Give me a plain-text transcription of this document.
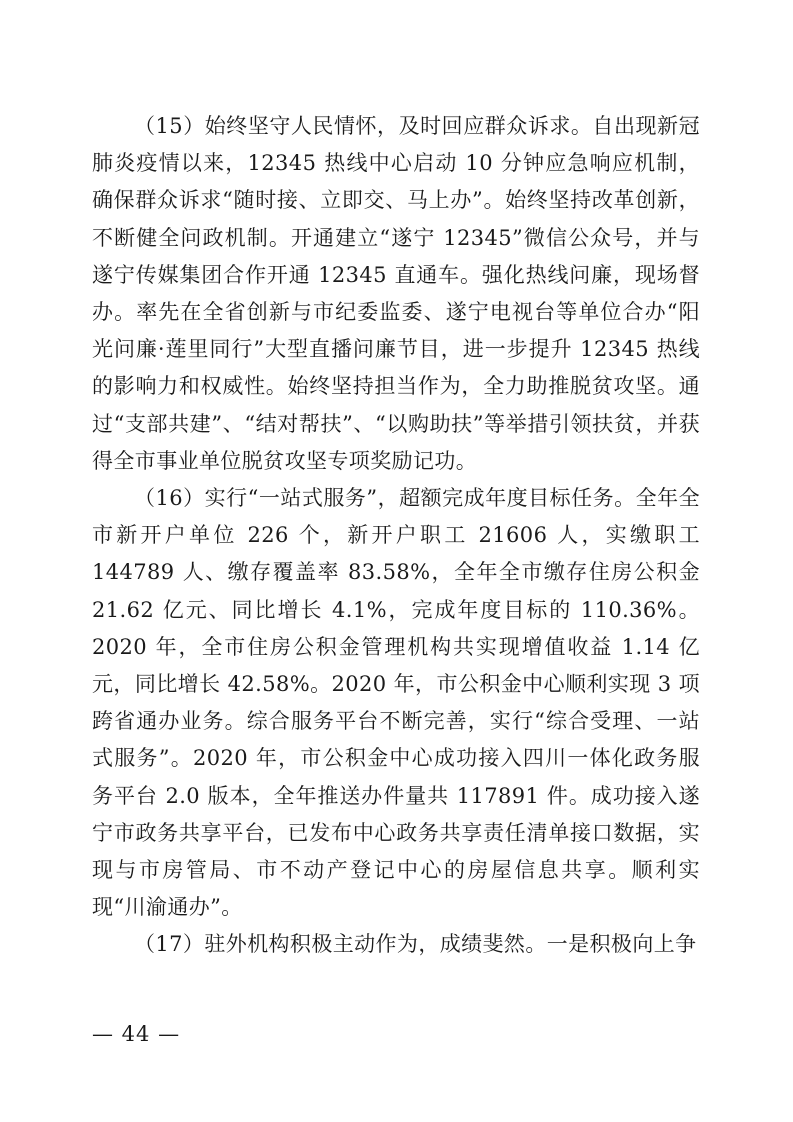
（15）始终坚守人民情怀，及时回应群众诉求。自出现新冠肺炎疫情以来，12345 热线中心启动 10 分钟应急响应机制，确保群众诉求“随时接、立即交、马上办”。始终坚持改革创新，不断健全问政机制。开通建立“遂宁 12345”微信公众号，并与遂宁传媒集团合作开通 12345 直通车。强化热线问廉，现场督办。率先在全省创新与市纪委监委、遂宁电视台等单位合办“阳光问廉·莲里同行”大型直播问廉节目，进一步提升 12345 热线的影响力和权威性。始终坚持担当作为，全力助推脱贫攻坚。通过“支部共建”、“结对帮扶”、“以购助扶”等举措引领扶贫，并获得全市事业单位脱贫攻坚专项奖励记功。

（16）实行“一站式服务”，超额完成年度目标任务。全年全市新开户单位 226 个，新开户职工 21606 人，实缴职工 144789 人、缴存覆盖率 83.58%，全年全市缴存住房公积金 21.62 亿元、同比增长 4.1%，完成年度目标的 110.36%。2020 年，全市住房公积金管理机构共实现增值收益 1.14 亿元，同比增长 42.58%。2020 年，市公积金中心顺利实现 3 项跨省通办业务。综合服务平台不断完善，实行“综合受理、一站式服务”。2020 年，市公积金中心成功接入四川一体化政务服务平台 2.0 版本，全年推送办件量共 117891 件。成功接入遂宁市政务共享平台，已发布中心政务共享责任清单接口数据，实现与市房管局、市不动产登记中心的房屋信息共享。顺利实现“川渝通办”。

（17）驻外机构积极主动作为，成绩斐然。一是积极向上争

— 44 —
